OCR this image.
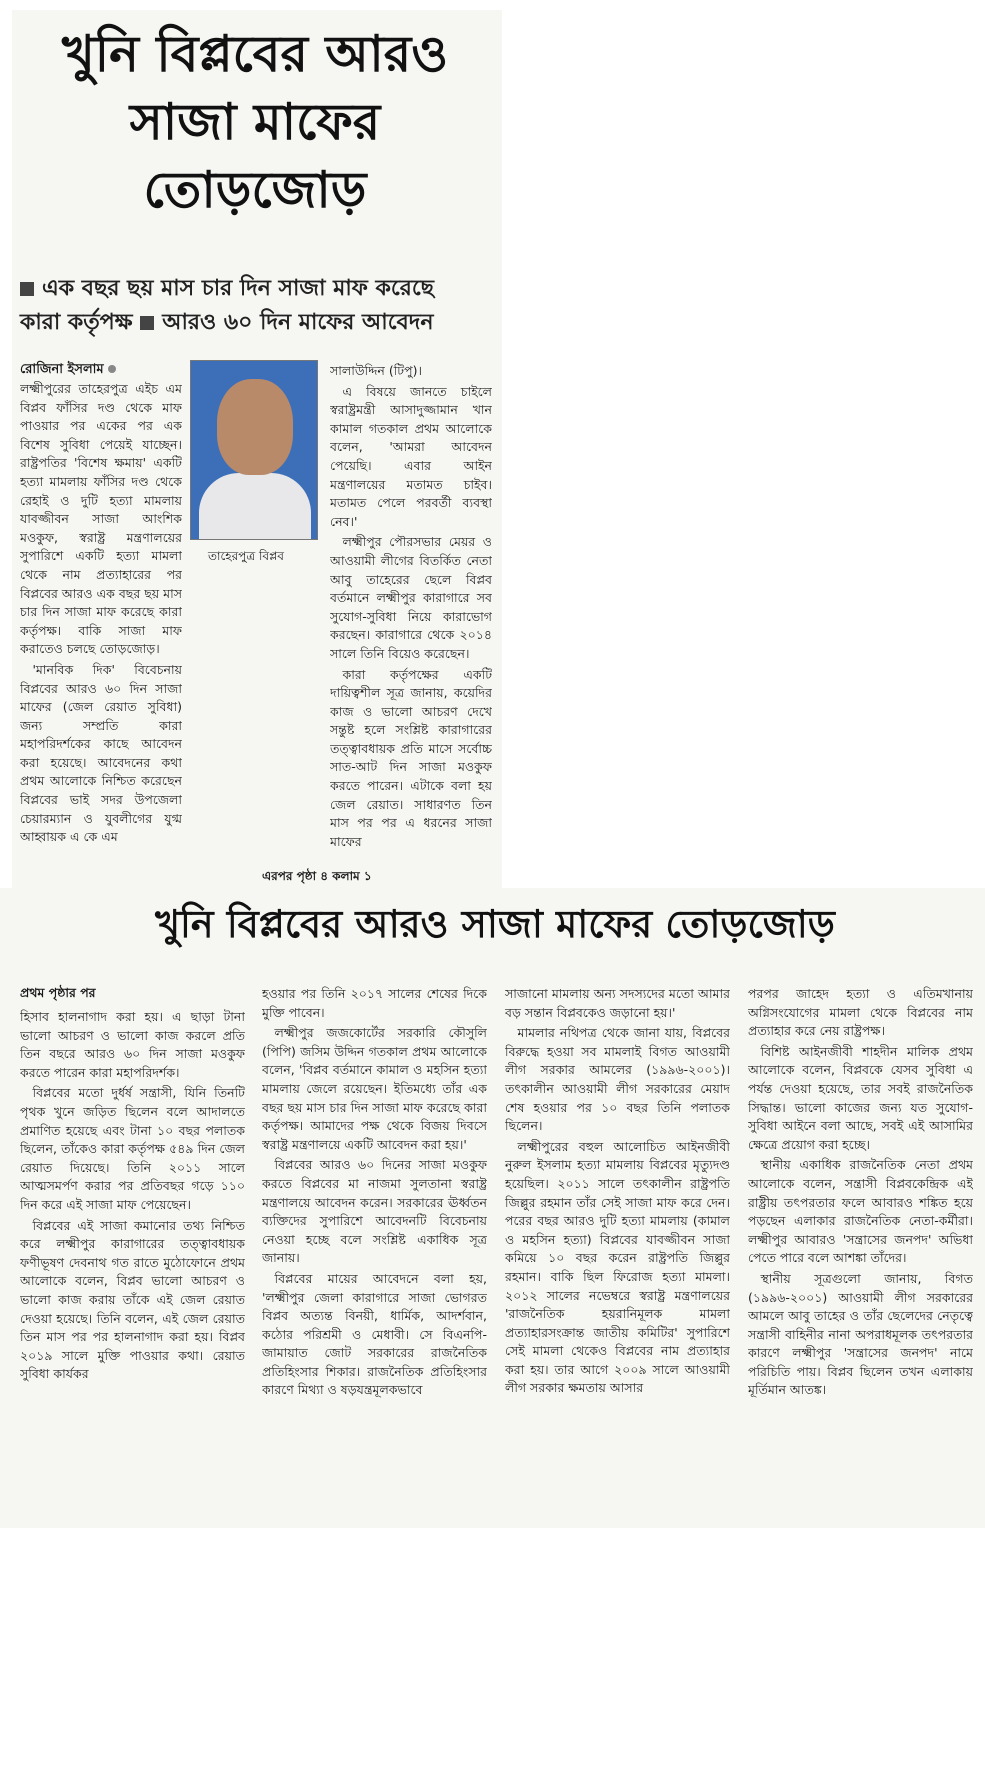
খুনি বিপ্লবের আরও
সাজা মাফের
তোড়জোড়
এক বছর ছয় মাস চার দিন সাজা মাফ করেছে
কারা কর্তৃপক্ষ আরও ৬০ দিন মাফের আবেদন
রোজিনা ইসলাম
তাহেরপুত্র বিপ্লব

লক্ষ্মীপুরের তাহেরপুত্র এইচ এম বিপ্লব ফাঁসির দণ্ড থেকে মাফ পাওয়ার পর একের পর এক বিশেষ সুবিধা পেয়েই যাচ্ছেন। রাষ্ট্রপতির 'বিশেষ ক্ষমায়' একটি হত্যা মামলায় ফাঁসির দণ্ড থেকে রেহাই ও দুটি হত্যা মামলায় যাবজ্জীবন সাজা আংশিক মওকুফ, স্বরাষ্ট্র মন্ত্রণালয়ের সুপারিশে একটি হত্যা মামলা থেকে নাম প্রত্যাহারের পর বিপ্লবের আরও এক বছর ছয় মাস চার দিন সাজা মাফ করেছে কারা কর্তৃপক্ষ। বাকি সাজা মাফ করাতেও চলছে তোড়জোড়।

'মানবিক দিক' বিবেচনায় বিপ্লবের আরও ৬০ দিন সাজা মাফের (জেল রেয়াত সুবিধা) জন্য সম্প্রতি কারা মহাপরিদর্শকের কাছে আবেদন করা হয়েছে। আবেদনের কথা প্রথম আলোকে নিশ্চিত করেছেন বিপ্লবের ভাই সদর উপজেলা চেয়ারম্যান ও যুবলীগের যুগ্ম আহ্বায়ক এ কে এম

সালাউদ্দিন (টিপু)।

এ বিষয়ে জানতে চাইলে স্বরাষ্ট্রমন্ত্রী আসাদুজ্জামান খান কামাল গতকাল প্রথম আলোকে বলেন, 'আমরা আবেদন পেয়েছি। এবার আইন মন্ত্রণালয়ের মতামত চাইব। মতামত পেলে পরবর্তী ব্যবস্থা নেব।'

লক্ষ্মীপুর পৌরসভার মেয়র ও আওয়ামী লীগের বিতর্কিত নেতা আবু তাহেরের ছেলে বিপ্লব বর্তমানে লক্ষ্মীপুর কারাগারে সব সুযোগ-সুবিধা নিয়ে কারাভোগ করছেন। কারাগারে থেকে ২০১৪ সালে তিনি বিয়েও করেছেন।

কারা কর্তৃপক্ষের একটি দায়িত্বশীল সূত্র জানায়, কয়েদির কাজ ও ভালো আচরণ দেখে সন্তুষ্ট হলে সংশ্লিষ্ট কারাগারের তত্ত্বাবধায়ক প্রতি মাসে সর্বোচ্চ সাত-আট দিন সাজা মওকুফ করতে পারেন। এটাকে বলা হয় জেল রেয়াত। সাধারণত তিন মাস পর পর এ ধরনের সাজা মাফের

এরপর পৃষ্ঠা ৪ কলাম ১
খুনি বিপ্লবের আরও সাজা মাফের তোড়জোড়
প্রথম পৃষ্ঠার পর

হিসাব হালনাগাদ করা হয়। এ ছাড়া টানা ভালো আচরণ ও ভালো কাজ করলে প্রতি তিন বছরে আরও ৬০ দিন সাজা মওকুফ করতে পারেন কারা মহাপরিদর্শক।

বিপ্লবের মতো দুর্ধর্ষ সন্ত্রাসী, যিনি তিনটি পৃথক খুনে জড়িত ছিলেন বলে আদালতে প্রমাণিত হয়েছে এবং টানা ১০ বছর পলাতক ছিলেন, তাঁকেও কারা কর্তৃপক্ষ ৫৪৯ দিন জেল রেয়াত দিয়েছে। তিনি ২০১১ সালে আত্মসমর্পণ করার পর প্রতিবছর গড়ে ১১০ দিন করে এই সাজা মাফ পেয়েছেন।

বিপ্লবের এই সাজা কমানোর তথ্য নিশ্চিত করে লক্ষ্মীপুর কারাগারের তত্ত্বাবধায়ক ফণীভূষণ দেবনাথ গত রাতে মুঠোফোনে প্রথম আলোকে বলেন, বিপ্লব ভালো আচরণ ও ভালো কাজ করায় তাঁকে এই জেল রেয়াত দেওয়া হয়েছে। তিনি বলেন, এই জেল রেয়াত তিন মাস পর পর হালনাগাদ করা হয়। বিপ্লব ২০১৯ সালে মুক্তি পাওয়ার কথা। রেয়াত সুবিধা কার্যকর

হওয়ার পর তিনি ২০১৭ সালের শেষের দিকে মুক্তি পাবেন।

লক্ষ্মীপুর জজকোর্টের সরকারি কৌসুলি (পিপি) জসিম উদ্দিন গতকাল প্রথম আলোকে বলেন, 'বিপ্লব বর্তমানে কামাল ও মহসিন হত্যা মামলায় জেলে রয়েছেন। ইতিমধ্যে তাঁর এক বছর ছয় মাস চার দিন সাজা মাফ করেছে কারা কর্তৃপক্ষ। আমাদের পক্ষ থেকে বিজয় দিবসে স্বরাষ্ট্র মন্ত্রণালয়ে একটি আবেদন করা হয়।'

বিপ্লবের আরও ৬০ দিনের সাজা মওকুফ করতে বিপ্লবের মা নাজমা সুলতানা স্বরাষ্ট্র মন্ত্রণালয়ে আবেদন করেন। সরকারের ঊর্ধ্বতন ব্যক্তিদের সুপারিশে আবেদনটি বিবেচনায় নেওয়া হচ্ছে বলে সংশ্লিষ্ট একাধিক সূত্র জানায়।

বিপ্লবের মায়ের আবেদনে বলা হয়, 'লক্ষ্মীপুর জেলা কারাগারে সাজা ভোগরত বিপ্লব অত্যন্ত বিনয়ী, ধার্মিক, আদর্শবান, কঠোর পরিশ্রমী ও মেধাবী। সে বিএনপি-জামায়াত জোট সরকারের রাজনৈতিক প্রতিহিংসার শিকার। রাজনৈতিক প্রতিহিংসার কারণে মিথ্যা ও ষড়যন্ত্রমূলকভাবে

সাজানো মামলায় অন্য সদস্যদের মতো আমার বড় সন্তান বিপ্লবকেও জড়ানো হয়।'

মামলার নথিপত্র থেকে জানা যায়, বিপ্লবের বিরুদ্ধে হওয়া সব মামলাই বিগত আওয়ামী লীগ সরকার আমলের (১৯৯৬-২০০১)। তৎকালীন আওয়ামী লীগ সরকারের মেয়াদ শেষ হওয়ার পর ১০ বছর তিনি পলাতক ছিলেন।

লক্ষ্মীপুরের বহুল আলোচিত আইনজীবী নুরুল ইসলাম হত্যা মামলায় বিপ্লবের মৃত্যুদণ্ড হয়েছিল। ২০১১ সালে তৎকালীন রাষ্ট্রপতি জিল্লুর রহমান তাঁর সেই সাজা মাফ করে দেন। পরের বছর আরও দুটি হত্যা মামলায় (কামাল ও মহসিন হত্যা) বিপ্লবের যাবজ্জীবন সাজা কমিয়ে ১০ বছর করেন রাষ্ট্রপতি জিল্লুর রহমান। বাকি ছিল ফিরোজ হত্যা মামলা। ২০১২ সালের নভেম্বরে স্বরাষ্ট্র মন্ত্রণালয়ের 'রাজনৈতিক হয়রানিমূলক মামলা প্রত্যাহারসংক্রান্ত জাতীয় কমিটির' সুপারিশে সেই মামলা থেকেও বিপ্লবের নাম প্রত্যাহার করা হয়। তার আগে ২০০৯ সালে আওয়ামী লীগ সরকার ক্ষমতায় আসার

পরপর জাহেদ হত্যা ও এতিমখানায় অগ্নিসংযোগের মামলা থেকে বিপ্লবের নাম প্রত্যাহার করে নেয় রাষ্ট্রপক্ষ।

বিশিষ্ট আইনজীবী শাহদীন মালিক প্রথম আলোকে বলেন, বিপ্লবকে যেসব সুবিধা এ পর্যন্ত দেওয়া হয়েছে, তার সবই রাজনৈতিক সিদ্ধান্ত। ভালো কাজের জন্য যত সুযোগ-সুবিধা আইনে বলা আছে, সবই এই আসামির ক্ষেত্রে প্রয়োগ করা হচ্ছে।

স্থানীয় একাধিক রাজনৈতিক নেতা প্রথম আলোকে বলেন, সন্ত্রাসী বিপ্লবকেন্দ্রিক এই রাষ্ট্রীয় তৎপরতার ফলে আবারও শঙ্কিত হয়ে পড়ছেন এলাকার রাজনৈতিক নেতা-কর্মীরা। লক্ষ্মীপুর আবারও 'সন্ত্রাসের জনপদ' অভিধা পেতে পারে বলে আশঙ্কা তাঁদের।

স্থানীয় সূত্রগুলো জানায়, বিগত (১৯৯৬-২০০১) আওয়ামী লীগ সরকারের আমলে আবু তাহের ও তাঁর ছেলেদের নেতৃত্বে সন্ত্রাসী বাহিনীর নানা অপরাধমূলক তৎপরতার কারণে লক্ষ্মীপুর 'সন্ত্রাসের জনপদ' নামে পরিচিতি পায়। বিপ্লব ছিলেন তখন এলাকায় মূর্তিমান আতঙ্ক।
